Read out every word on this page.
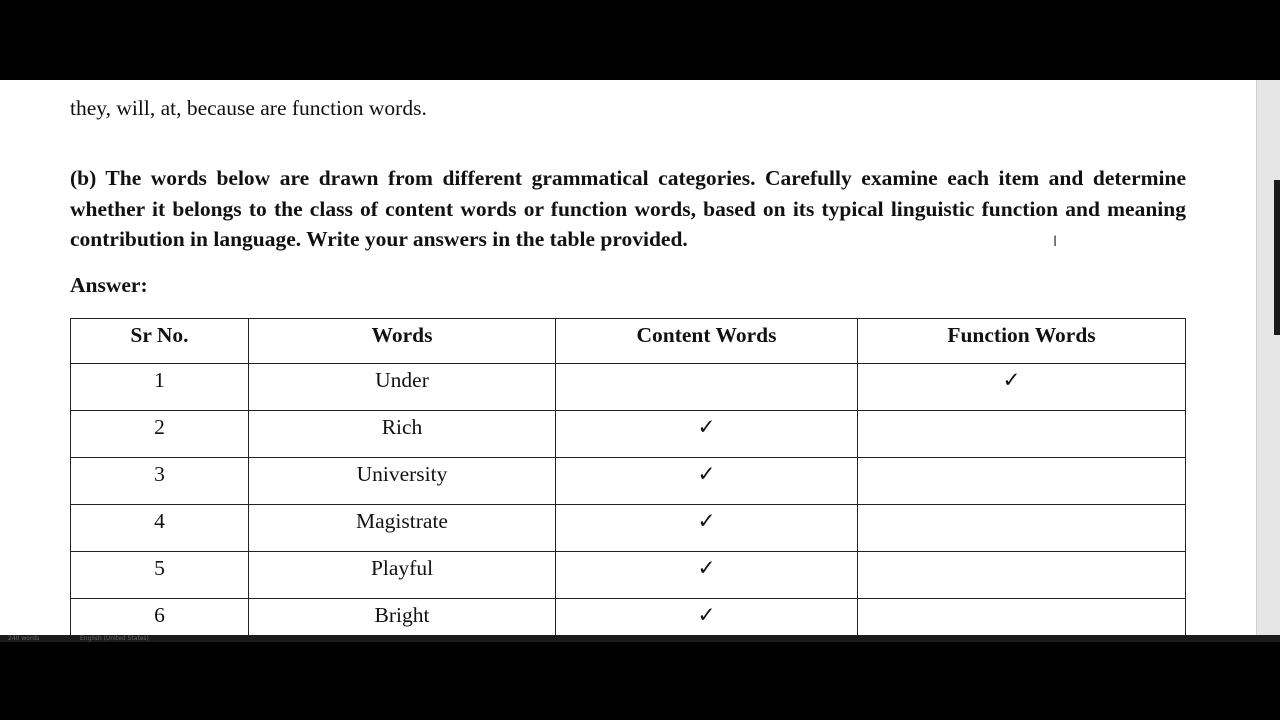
they, will, at, because are function words.
(b) The words below are drawn from different grammatical categories. Carefully examine each item and determine whether it belongs to the class of content words or function words, based on its typical linguistic function and meaning contribution in language. Write your answers in the table provided.	I
Answer:
Sr No.	Words	Content Words	Function Words
1	Under		✓
2	Rich	✓	
3	University	✓	
4	Magistrate	✓	
5	Playful	✓	
6	Bright	✓	
240 words	English (United States)
